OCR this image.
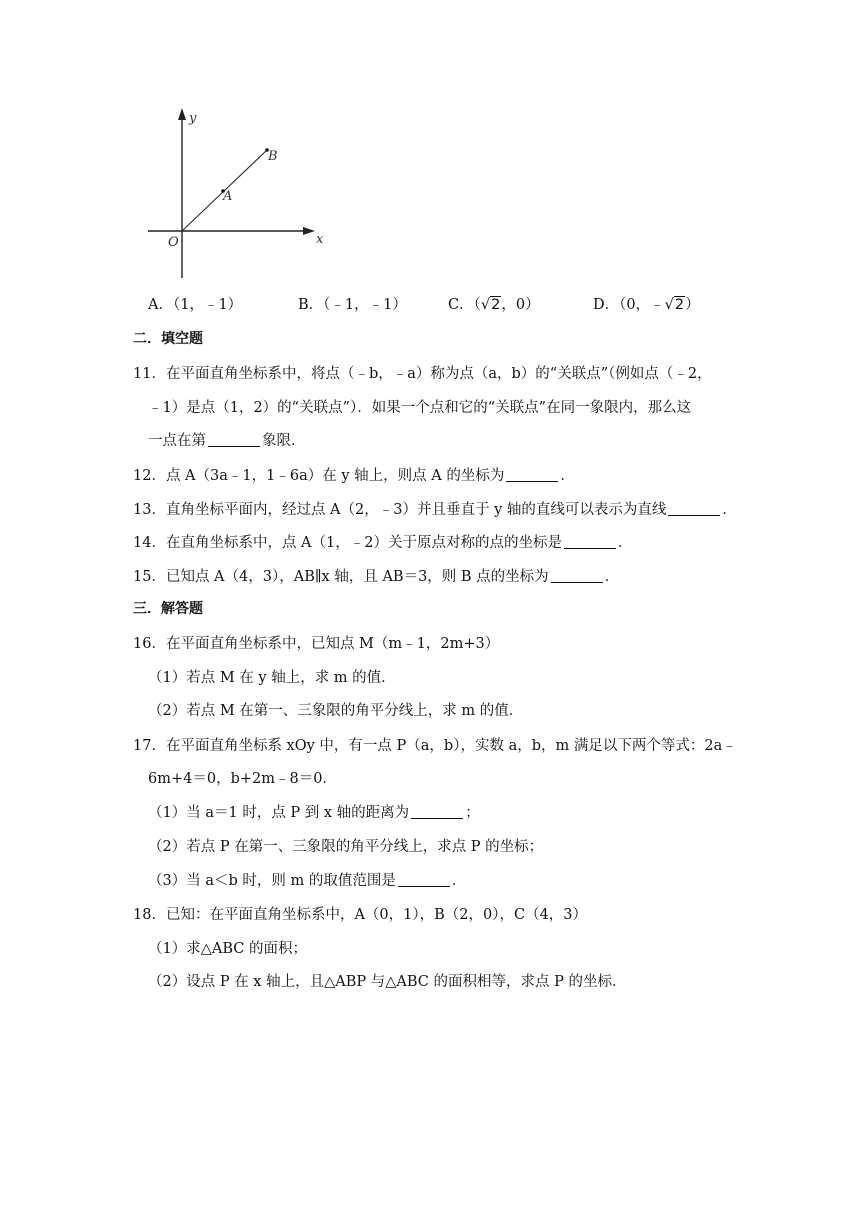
y
x
O
A
B
A．（1，﹣1）	B．（﹣1，﹣1）	C．（√2，0）	D．（0，﹣√2）
二．填空题
11．在平面直角坐标系中，将点（﹣b，﹣a）称为点（a，b）的“关联点”（例如点（﹣2，
﹣1）是点（1，2）的“关联点”）．如果一个点和它的“关联点”在同一象限内，那么这
一点在第	象限．
12．点 A（3a﹣1，1﹣6a）在 y 轴上，则点 A 的坐标为	．
13．直角坐标平面内，经过点 A（2，﹣3）并且垂直于 y 轴的直线可以表示为直线	．
14．在直角坐标系中，点 A（1，﹣2）关于原点对称的点的坐标是	．
15．已知点 A（4，3），AB∥x 轴，且 AB＝3，则 B 点的坐标为	．
三．解答题
16．在平面直角坐标系中，已知点 M（m﹣1，2m+3）
（1）若点 M 在 y 轴上，求 m 的值．
（2）若点 M 在第一、三象限的角平分线上，求 m 的值．
17．在平面直角坐标系 xOy 中，有一点 P（a，b），实数 a，b，m 满足以下两个等式：2a﹣
6m+4＝0，b+2m﹣8＝0．
（1）当 a＝1 时，点 P 到 x 轴的距离为	；
（2）若点 P 在第一、三象限的角平分线上，求点 P 的坐标；
（3）当 a＜b 时，则 m 的取值范围是	．
18．已知：在平面直角坐标系中，A（0，1），B（2，0），C（4，3）
（1）求△ABC 的面积；
（2）设点 P 在 x 轴上，且△ABP 与△ABC 的面积相等，求点 P 的坐标．
